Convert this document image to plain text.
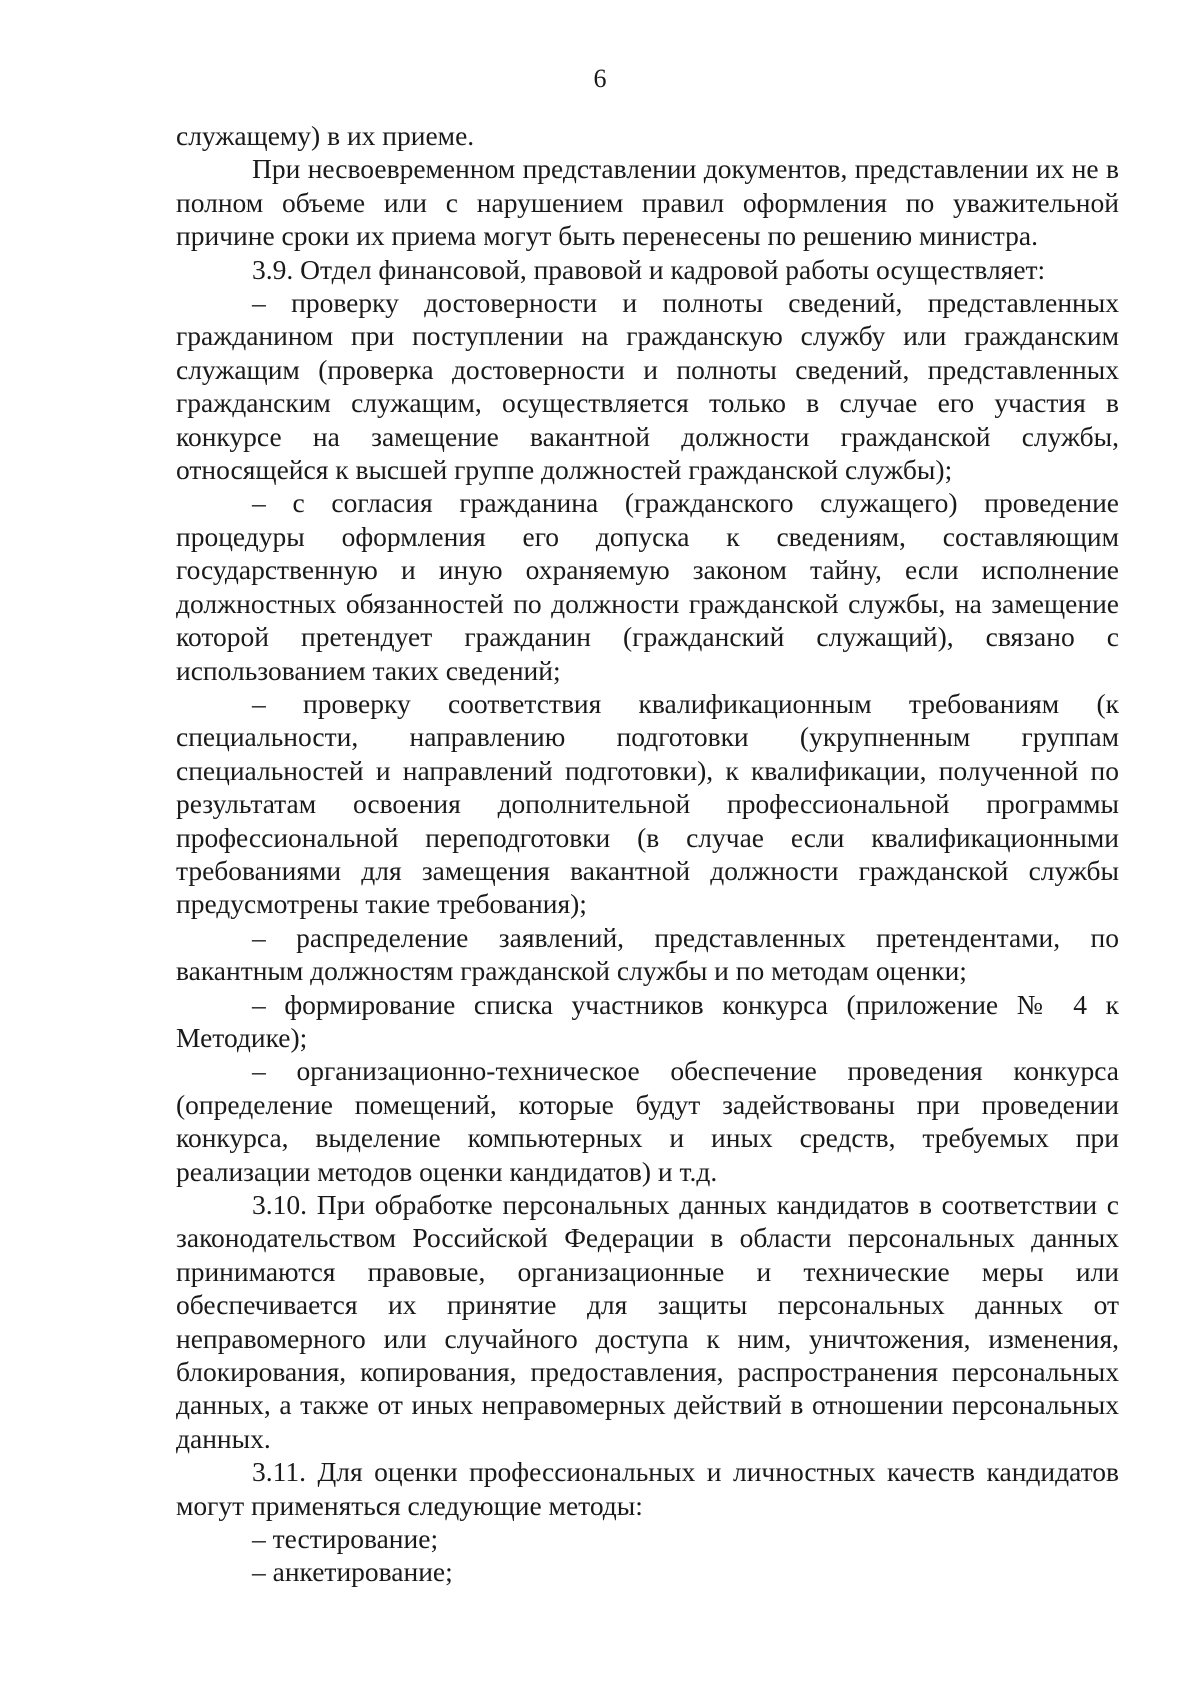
6

служащему) в их приеме.

При несвоевременном представлении документов, представлении их не в полном объеме или с нарушением правил оформления по уважительной причине сроки их приема могут быть перенесены по решению министра.

3.9. Отдел финансовой, правовой и кадровой работы осуществляет:

– проверку достоверности и полноты сведений, представленных гражданином при поступлении на гражданскую службу или гражданским служащим (проверка достоверности и полноты сведений, представленных гражданским служащим, осуществляется только в случае его участия в конкурсе на замещение вакантной должности гражданской службы, относящейся к высшей группе должностей гражданской службы);

– с согласия гражданина (гражданского служащего) проведение процедуры оформления его допуска к сведениям, составляющим государственную и иную охраняемую законом тайну, если исполнение должностных обязанностей по должности гражданской службы, на замещение которой претендует гражданин (гражданский служащий), связано с использованием таких сведений;

– проверку соответствия квалификационным требованиям (к специальности, направлению подготовки (укрупненным группам специальностей и направлений подготовки), к квалификации, полученной по результатам освоения дополнительной профессиональной программы профессиональной переподготовки (в случае если квалификационными требованиями для замещения вакантной должности гражданской службы предусмотрены такие требования);

– распределение заявлений, представленных претендентами, по вакантным должностям гражданской службы и по методам оценки;

– формирование списка участников конкурса (приложение № 4 к Методике);

– организационно-техническое обеспечение проведения конкурса (определение помещений, которые будут задействованы при проведении конкурса, выделение компьютерных и иных средств, требуемых при реализации методов оценки кандидатов) и т.д.

3.10. При обработке персональных данных кандидатов в соответствии с законодательством Российской Федерации в области персональных данных принимаются правовые, организационные и технические меры или обеспечивается их принятие для защиты персональных данных от неправомерного или случайного доступа к ним, уничтожения, изменения, блокирования, копирования, предоставления, распространения персональных данных, а также от иных неправомерных действий в отношении персональных данных.

3.11. Для оценки профессиональных и личностных качеств кандидатов могут применяться следующие методы:

– тестирование;

– анкетирование;
